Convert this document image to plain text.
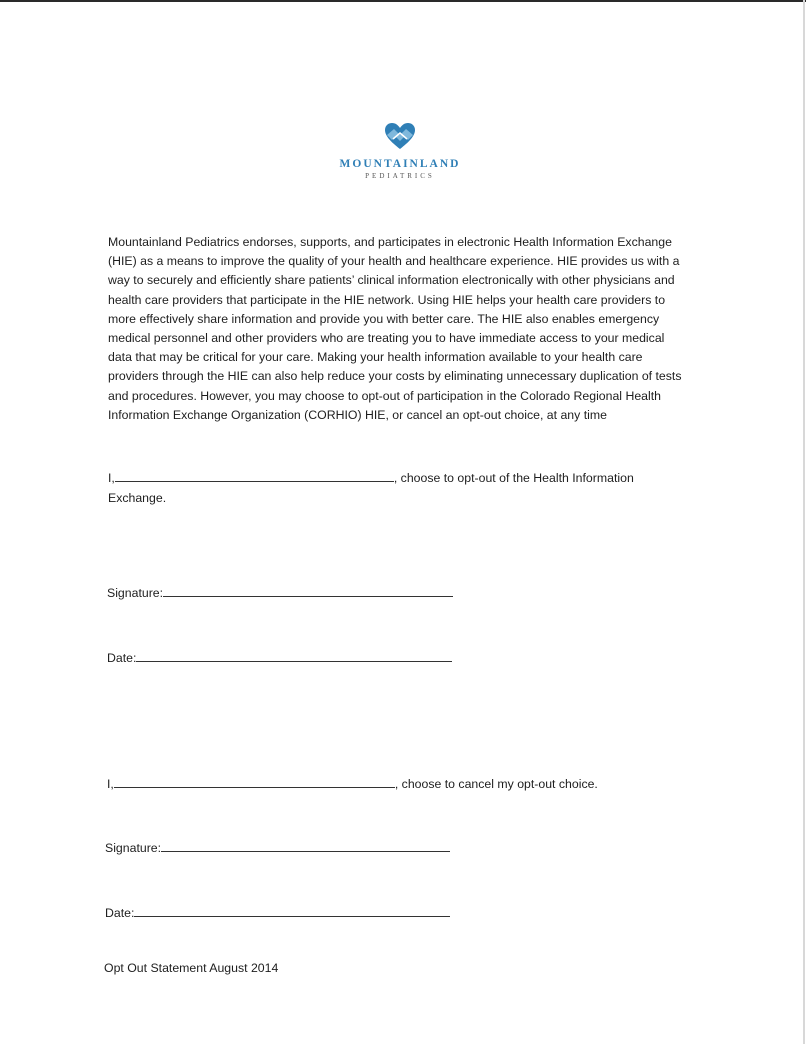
MOUNTAINLAND
PEDIATRICS

Mountainland Pediatrics endorses, supports, and participates in electronic Health Information Exchange (HIE) as a means to improve the quality of your health and healthcare experience. HIE provides us with a way to securely and efficiently share patients’ clinical information electronically with other physicians and health care providers that participate in the HIE network. Using HIE helps your health care providers to more effectively share information and provide you with better care. The HIE also enables emergency medical personnel and other providers who are treating you to have immediate access to your medical data that may be critical for your care. Making your health information available to your health care providers through the HIE can also help reduce your costs by eliminating unnecessary duplication of tests and procedures. However, you may choose to opt-out of participation in the Colorado Regional Health Information Exchange Organization (CORHIO) HIE, or cancel an opt-out choice, at any time

I,	, choose to opt-out of the Health Information
Exchange.
Signature:
Date:
I,	, choose to cancel my opt-out choice.
Signature:
Date:
Opt Out Statement August 2014
